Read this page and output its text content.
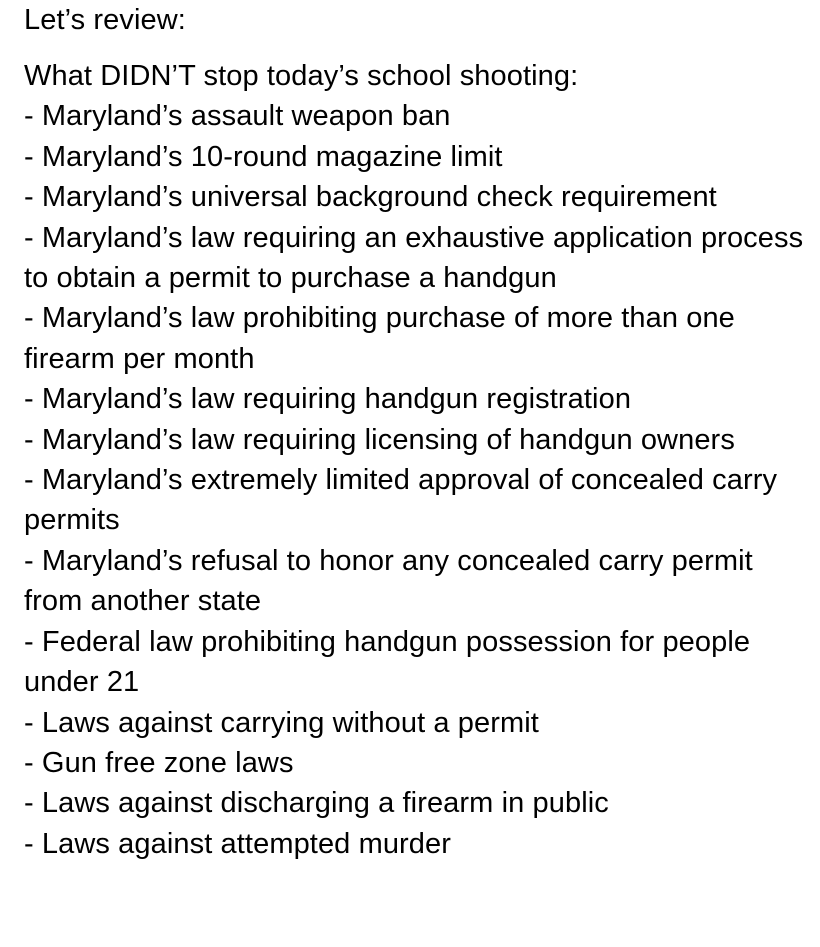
Let’s review:
What DIDN’T stop today’s school shooting:
- Maryland’s assault weapon ban
- Maryland’s 10-round magazine limit
- Maryland’s universal background check requirement
- Maryland’s law requiring an exhaustive application process to obtain a permit to purchase a handgun
- Maryland’s law prohibiting purchase of more than one firearm per month
- Maryland’s law requiring handgun registration
- Maryland’s law requiring licensing of handgun owners
- Maryland’s extremely limited approval of concealed carry permits
- Maryland’s refusal to honor any concealed carry permit from another state
- Federal law prohibiting handgun possession for people under 21
- Laws against carrying without a permit
- Gun free zone laws
- Laws against discharging a firearm in public
- Laws against attempted murder
